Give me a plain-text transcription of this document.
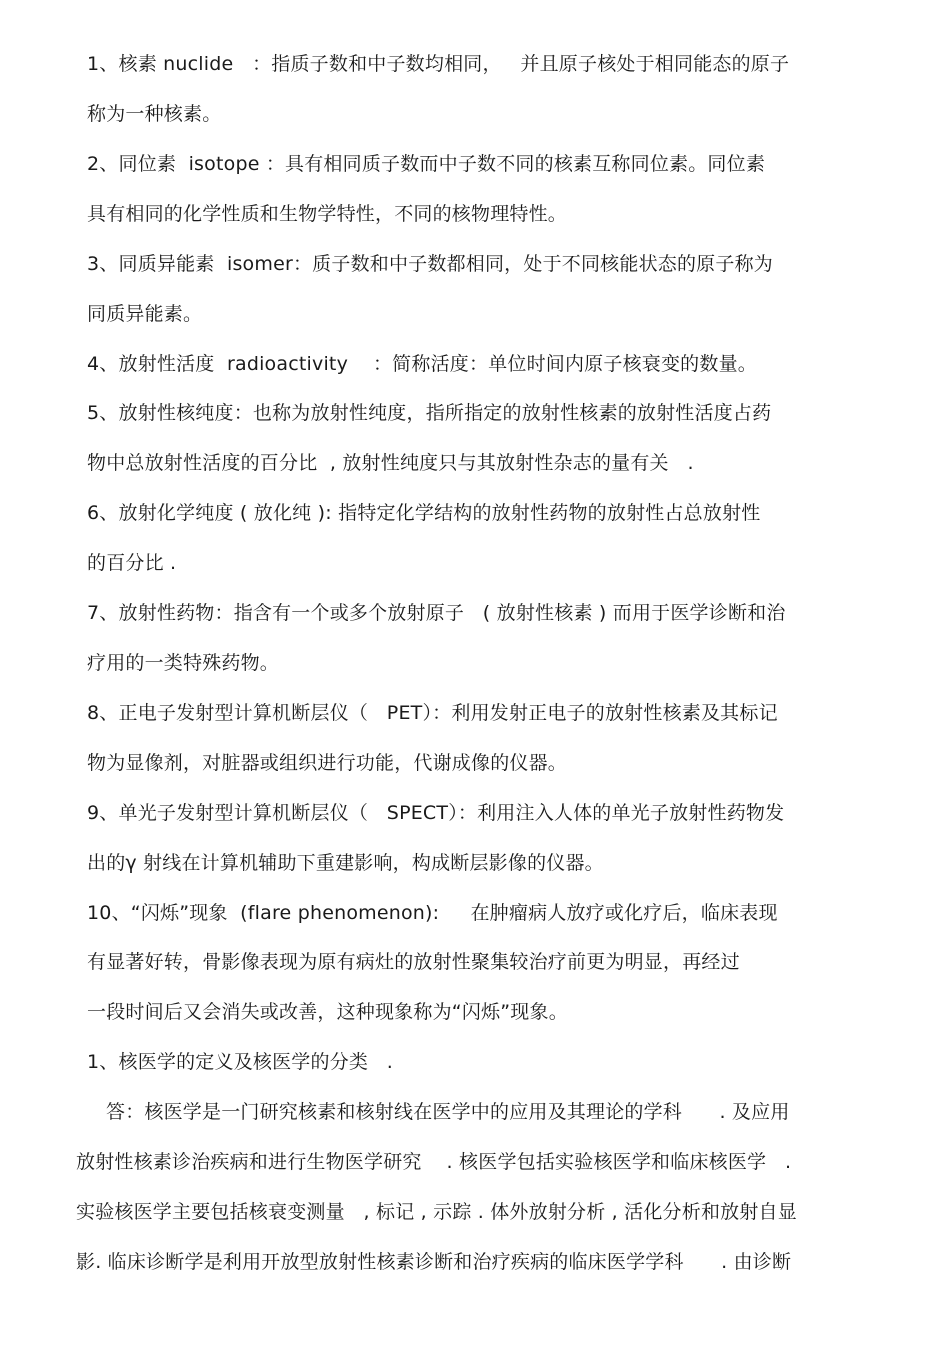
1、核素 nuclide   ：指质子数和中子数均相同，   并且原子核处于相同能态的原子
称为一种核素。
2、同位素  isotope ：具有相同质子数而中子数不同的核素互称同位素。同位素
具有相同的化学性质和生物学特性，不同的核物理特性。
3、同质异能素  isomer：质子数和中子数都相同，处于不同核能状态的原子称为
同质异能素。
4、放射性活度  radioactivity    ：简称活度：单位时间内原子核衰变的数量。
5、放射性核纯度：也称为放射性纯度，指所指定的放射性核素的放射性活度占药
物中总放射性活度的百分比  , 放射性纯度只与其放射性杂志的量有关   .
6、放射化学纯度 ( 放化纯 ): 指特定化学结构的放射性药物的放射性占总放射性
的百分比 .
7、放射性药物：指含有一个或多个放射原子   ( 放射性核素 ) 而用于医学诊断和治
疗用的一类特殊药物。
8、正电子发射型计算机断层仪（   PET）：利用发射正电子的放射性核素及其标记
物为显像剂，对脏器或组织进行功能，代谢成像的仪器。
9、单光子发射型计算机断层仪（   SPECT）：利用注入人体的单光子放射性药物发
出的γ 射线在计算机辅助下重建影响，构成断层影像的仪器。
10、“闪烁”现象  (flare phenomenon):     在肿瘤病人放疗或化疗后，临床表现
有显著好转，骨影像表现为原有病灶的放射性聚集较治疗前更为明显，再经过
一段时间后又会消失或改善，这种现象称为“闪烁”现象。
1、核医学的定义及核医学的分类   .
答：核医学是一门研究核素和核射线在医学中的应用及其理论的学科      . 及应用
放射性核素诊治疾病和进行生物医学研究    . 核医学包括实验核医学和临床核医学   .
实验核医学主要包括核衰变测量   , 标记 , 示踪 . 体外放射分析 , 活化分析和放射自显
影. 临床诊断学是利用开放型放射性核素诊断和治疗疾病的临床医学学科      . 由诊断
